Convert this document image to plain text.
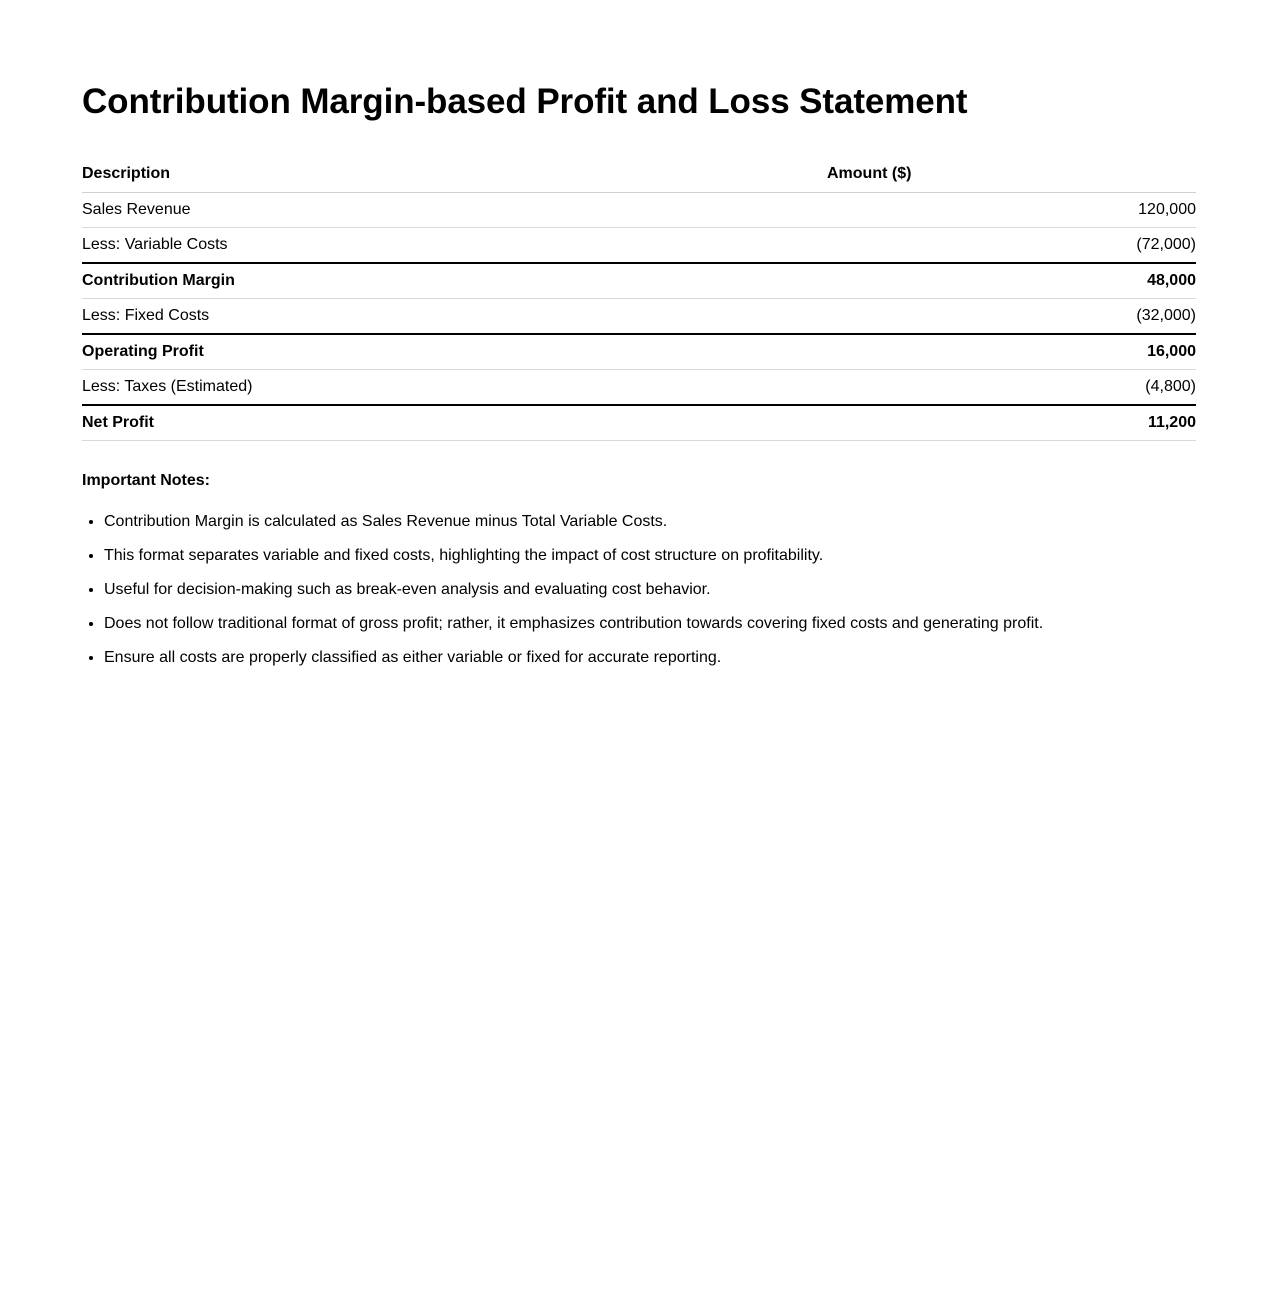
Contribution Margin-based Profit and Loss Statement
Description	Amount ($)
Sales Revenue	120,000
Less: Variable Costs	(72,000)
Contribution Margin	48,000
Less: Fixed Costs	(32,000)
Operating Profit	16,000
Less: Taxes (Estimated)	(4,800)
Net Profit	11,200
Important Notes:
• Contribution Margin is calculated as Sales Revenue minus Total Variable Costs.
• This format separates variable and fixed costs, highlighting the impact of cost structure on profitability.
• Useful for decision-making such as break-even analysis and evaluating cost behavior.
• Does not follow traditional format of gross profit; rather, it emphasizes contribution towards covering fixed costs and generating profit.
• Ensure all costs are properly classified as either variable or fixed for accurate reporting.
